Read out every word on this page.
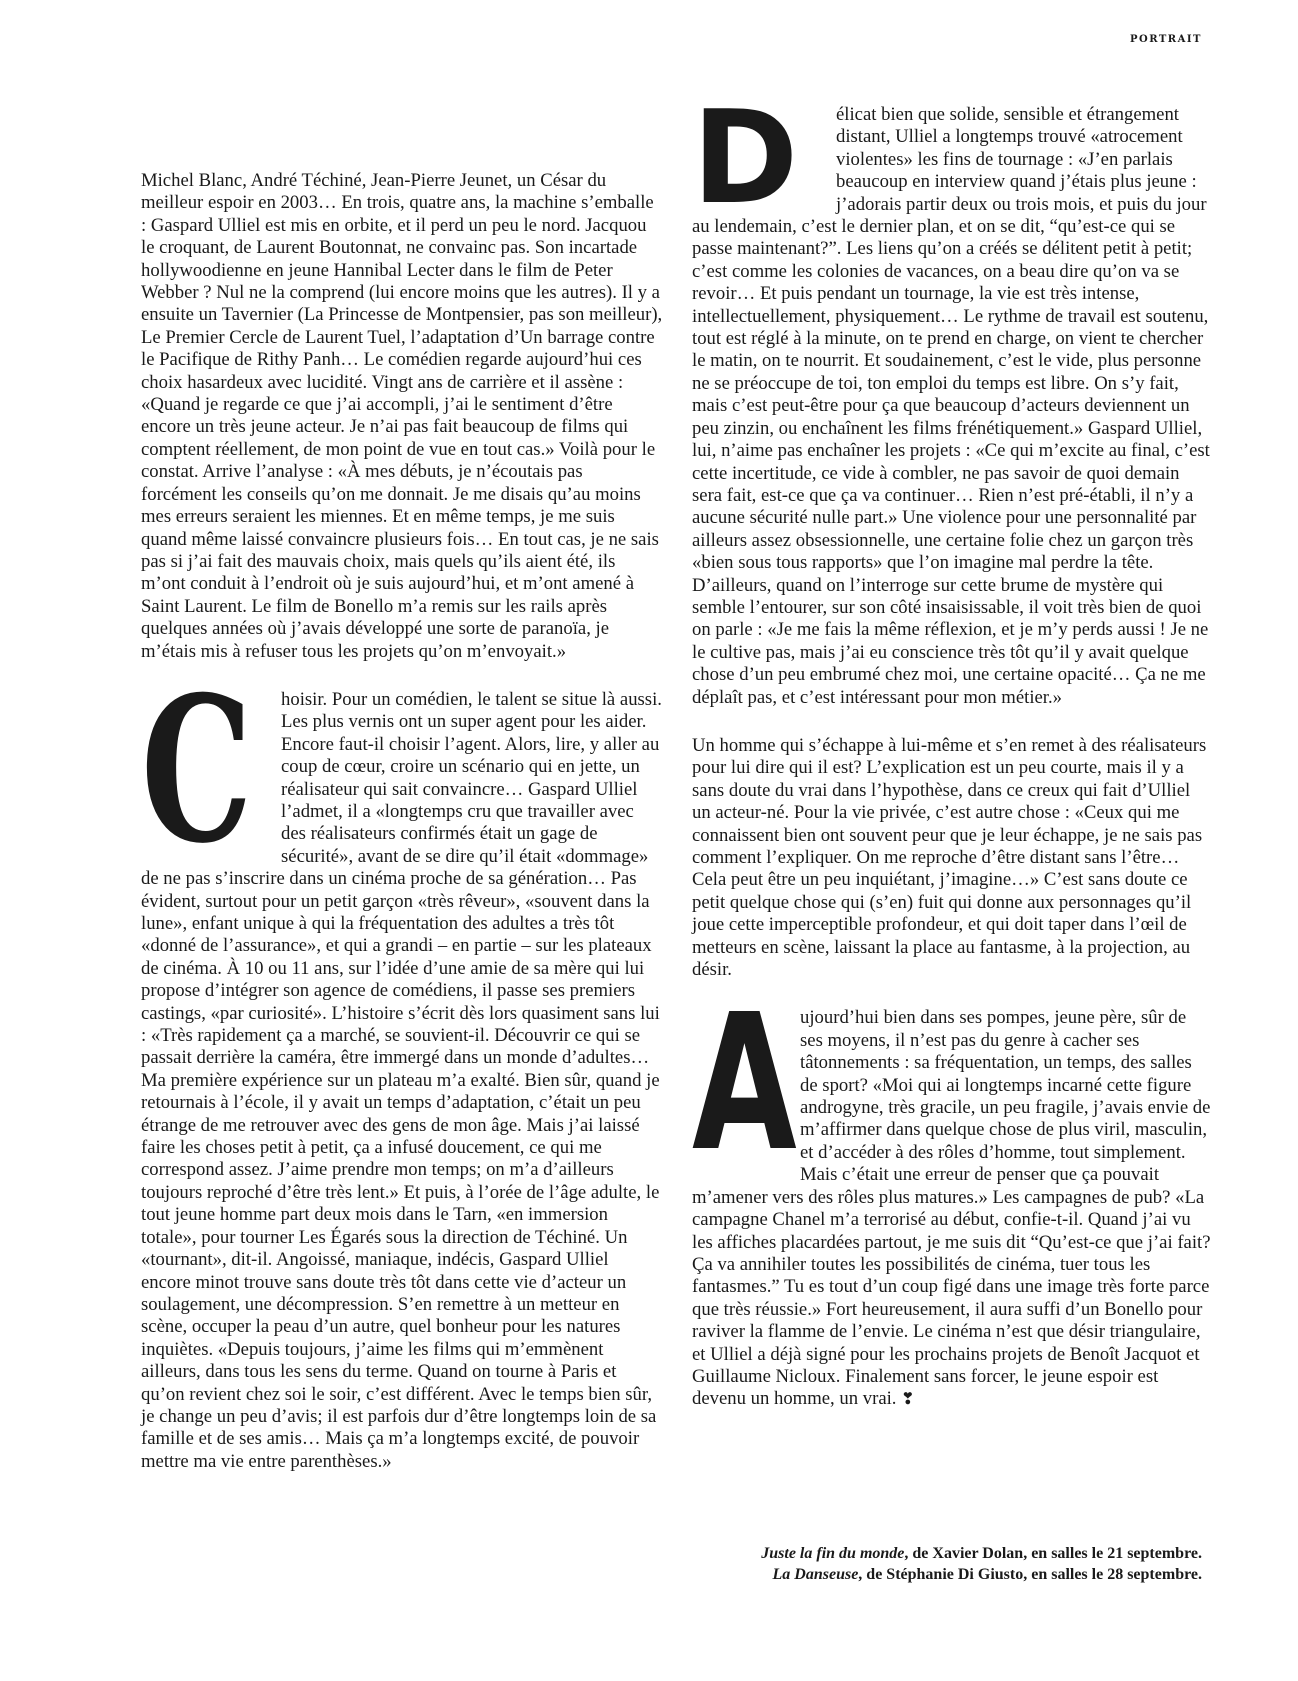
PORTRAIT

Michel Blanc, André Téchiné, Jean-Pierre Jeunet, un César du meilleur espoir en 2003… En trois, quatre ans, la machine s’emballe : Gaspard Ulliel est mis en orbite, et il perd un peu le nord. Jacquou le croquant, de Laurent Boutonnat, ne convainc pas. Son incartade hollywoodienne en jeune Hannibal Lecter dans le film de Peter Webber ? Nul ne la comprend (lui encore moins que les autres). Il y a ensuite un Tavernier (La Princesse de Montpensier, pas son meilleur), Le Premier Cercle de Laurent Tuel, l’adaptation d’Un barrage contre le Pacifique de Rithy Panh… Le comédien regarde aujourd’hui ces choix hasardeux avec lucidité. Vingt ans de carrière et il assène : «Quand je regarde ce que j’ai accompli, j’ai le sentiment d’être encore un très jeune acteur. Je n’ai pas fait beaucoup de films qui comptent réellement, de mon point de vue en tout cas.» Voilà pour le constat. Arrive l’analyse : «À mes débuts, je n’écoutais pas forcément les conseils qu’on me donnait. Je me disais qu’au moins mes erreurs seraient les miennes. Et en même temps, je me suis quand même laissé convaincre plusieurs fois… En tout cas, je ne sais pas si j’ai fait des mauvais choix, mais quels qu’ils aient été, ils m’ont conduit à l’endroit où je suis aujourd’hui, et m’ont amené à Saint Laurent. Le film de Bonello m’a remis sur les rails après quelques années où j’avais développé une sorte de paranoïa, je m’étais mis à refuser tous les projets qu’on m’envoyait.»

C hoisir. Pour un comédien, le talent se situe là aussi. Les plus vernis ont un super agent pour les aider. Encore faut-il choisir l’agent. Alors, lire, y aller au coup de cœur, croire un scénario qui en jette, un réalisateur qui sait convaincre… Gaspard Ulliel l’admet, il a «longtemps cru que travailler avec des réalisateurs confirmés était un gage de sécurité», avant de se dire qu’il était «dommage» de ne pas s’inscrire dans un cinéma proche de sa génération… Pas évident, surtout pour un petit garçon «très rêveur», «souvent dans la lune», enfant unique à qui la fréquentation des adultes a très tôt «donné de l’assurance», et qui a grandi – en partie – sur les plateaux de cinéma. À 10 ou 11 ans, sur l’idée d’une amie de sa mère qui lui propose d’intégrer son agence de comédiens, il passe ses premiers castings, «par curiosité». L’histoire s’écrit dès lors quasiment sans lui : «Très rapidement ça a marché, se souvient-il. Découvrir ce qui se passait derrière la caméra, être immergé dans un monde d’adultes… Ma première expérience sur un plateau m’a exalté. Bien sûr, quand je retournais à l’école, il y avait un temps d’adaptation, c’était un peu étrange de me retrouver avec des gens de mon âge. Mais j’ai laissé faire les choses petit à petit, ça a infusé doucement, ce qui me correspond assez. J’aime prendre mon temps; on m’a d’ailleurs toujours reproché d’être très lent.» Et puis, à l’orée de l’âge adulte, le tout jeune homme part deux mois dans le Tarn, «en immersion totale», pour tourner Les Égarés sous la direction de Téchiné. Un «tournant», dit-il. Angoissé, maniaque, indécis, Gaspard Ulliel encore minot trouve sans doute très tôt dans cette vie d’acteur un soulagement, une décompression. S’en remettre à un metteur en scène, occuper la peau d’un autre, quel bonheur pour les natures inquiètes. «Depuis toujours, j’aime les films qui m’emmènent ailleurs, dans tous les sens du terme. Quand on tourne à Paris et qu’on revient chez soi le soir, c’est différent. Avec le temps bien sûr, je change un peu d’avis; il est parfois dur d’être longtemps loin de sa famille et de ses amis… Mais ça m’a longtemps excité, de pouvoir mettre ma vie entre parenthèses.»

D	élicat bien que solide, sensible et étrangement distant, Ulliel a longtemps trouvé «atrocement violentes» les fins de tournage : «J’en parlais beaucoup en interview quand j’étais plus jeune : j’adorais partir deux ou trois mois, et puis du jour au lendemain, c’est le dernier plan, et on se dit, “qu’est-ce qui se passe maintenant?”. Les liens qu’on a créés se délitent petit à petit; c’est comme les colonies de vacances, on a beau dire qu’on va se revoir… Et puis pendant un tournage, la vie est très intense, intellectuellement, physiquement… Le rythme de travail est soutenu, tout est réglé à la minute, on te prend en charge, on vient te chercher le matin, on te nourrit. Et soudainement, c’est le vide, plus personne ne se préoccupe de toi, ton emploi du temps est libre. On s’y fait, mais c’est peut-être pour ça que beaucoup d’acteurs deviennent un peu zinzin, ou enchaînent les films frénétiquement.» Gaspard Ulliel, lui, n’aime pas enchaîner les projets : «Ce qui m’excite au final, c’est cette incertitude, ce vide à combler, ne pas savoir de quoi demain sera fait, est-ce que ça va continuer… Rien n’est pré-établi, il n’y a aucune sécurité nulle part.» Une violence pour une personnalité par ailleurs assez obsessionnelle, une certaine folie chez un garçon très «bien sous tous rapports» que l’on imagine mal perdre la tête. D’ailleurs, quand on l’interroge sur cette brume de mystère qui semble l’entourer, sur son côté insaisissable, il voit très bien de quoi on parle : «Je me fais la même réflexion, et je m’y perds aussi ! Je ne le cultive pas, mais j’ai eu conscience très tôt qu’il y avait quelque chose d’un peu embrumé chez moi, une certaine opacité… Ça ne me déplaît pas, et c’est intéressant pour mon métier.»

Un homme qui s’échappe à lui-même et s’en remet à des réalisateurs pour lui dire qui il est? L’explication est un peu courte, mais il y a sans doute du vrai dans l’hypothèse, dans ce creux qui fait d’Ulliel un acteur-né. Pour la vie privée, c’est autre chose : «Ceux qui me connaissent bien ont souvent peur que je leur échappe, je ne sais pas comment l’expliquer. On me reproche d’être distant sans l’être… Cela peut être un peu inquiétant, j’imagine…» C’est sans doute ce petit quelque chose qui (s’en) fuit qui donne aux personnages qu’il joue cette imperceptible profondeur, et qui doit taper dans l’œil de metteurs en scène, laissant la place au fantasme, à la projection, au désir.

Aujourd’hui bien dans ses pompes, jeune père, sûr de ses moyens, il n’est pas du genre à cacher ses tâtonnements : sa fréquentation, un temps, des salles de sport? «Moi qui ai longtemps incarné cette figure androgyne, très gracile, un peu fragile, j’avais envie de m’affirmer dans quelque chose de plus viril, masculin, et d’accéder à des rôles d’homme, tout simplement. Mais c’était une erreur de penser que ça pouvait m’amener vers des rôles plus matures.» Les campagnes de pub? «La campagne Chanel m’a terrorisé au début, confie-t-il. Quand j’ai vu les affiches placardées partout, je me suis dit “Qu’est-ce que j’ai fait? Ça va annihiler toutes les possibilités de cinéma, tuer tous les fantasmes.” Tu es tout d’un coup figé dans une image très forte parce que très réussie.» Fort heureusement, il aura suffi d’un Bonello pour raviver la flamme de l’envie. Le cinéma n’est que désir triangulaire, et Ulliel a déjà signé pour les prochains projets de Benoît Jacquot et Guillaume Nicloux. Finalement sans forcer, le jeune espoir est devenu un homme, un vrai. ❣

Juste la fin du monde, de Xavier Dolan, en salles le 21 septembre.
La Danseuse, de Stéphanie Di Giusto, en salles le 28 septembre.
